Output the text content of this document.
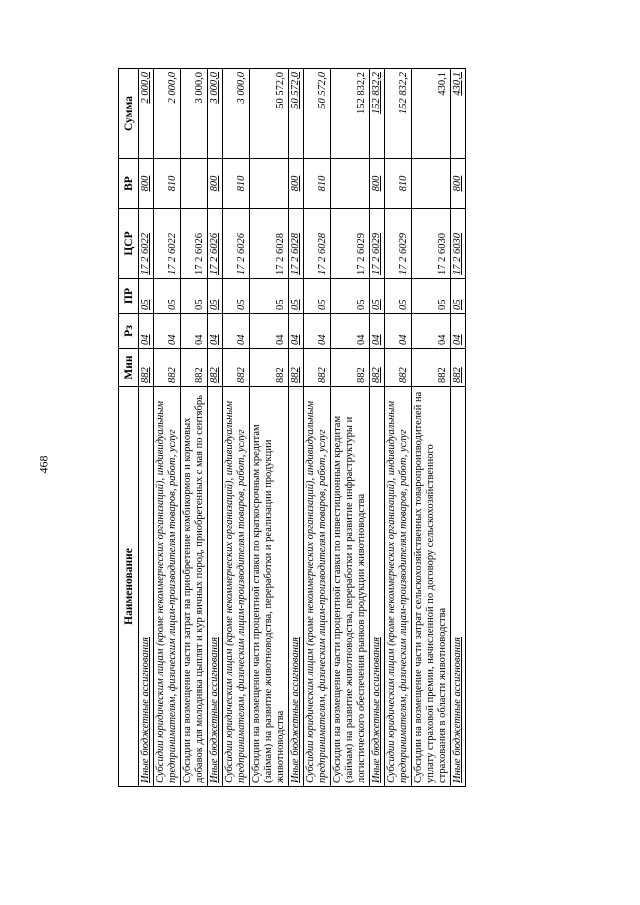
468
Наименование	Мин	Рз	ПР	ЦСР	ВР	Сумма
Иные бюджетные ассигнования	882	04	05	17 2 6022	800	2 000,0
Субсидии юридическим лицам (кроме некоммерческих организаций), индивидуальным предпринимателям, физическим лицам-производителям товаров, работ, услуг	882	04	05	17 2 6022	810	2 000,0
Субсидии на возмещение части затрат на приобретение комбикормов и кормовых добавок для молодняка цыплят и кур яичных пород, приобретенных с мая по сентябрь	882	04	05	17 2 6026		3 000,0
Иные бюджетные ассигнования	882	04	05	17 2 6026	800	3 000,0
Субсидии юридическим лицам (кроме некоммерческих организаций), индивидуальным предпринимателям, физическим лицам-производителям товаров, работ, услуг	882	04	05	17 2 6026	810	3 000,0
Субсидии на возмещение части процентной ставки по краткосрочным кредитам (займам) на развитие животноводства, переработки и реализации продукции животноводства	882	04	05	17 2 6028		50 572,0
Иные бюджетные ассигнования	882	04	05	17 2 6028	800	50 572,0
Субсидии юридическим лицам (кроме некоммерческих организаций), индивидуальным предпринимателям, физическим лицам-производителям товаров, работ, услуг	882	04	05	17 2 6028	810	50 572,0
Субсидии на возмещение части процентной ставки по инвестиционным кредитам (займам) на развитие животноводства, переработки и развитие инфраструктуры и логистического обеспечения рынков продукции животноводства	882	04	05	17 2 6029		152 832,2
Иные бюджетные ассигнования	882	04	05	17 2 6029	800	152 832,2
Субсидии юридическим лицам (кроме некоммерческих организаций), индивидуальным предпринимателям, физическим лицам-производителям товаров, работ, услуг	882	04	05	17 2 6029	810	152 832,2
Субсидии на возмещение части затрат сельскохозяйственных товаропроизводителей на уплату страховой премии, начисленной по договору сельскохозяйственного страхования в области животноводства	882	04	05	17 2 6030		430,1
Иные бюджетные ассигнования	882	04	05	17 2 6030	800	430,1
